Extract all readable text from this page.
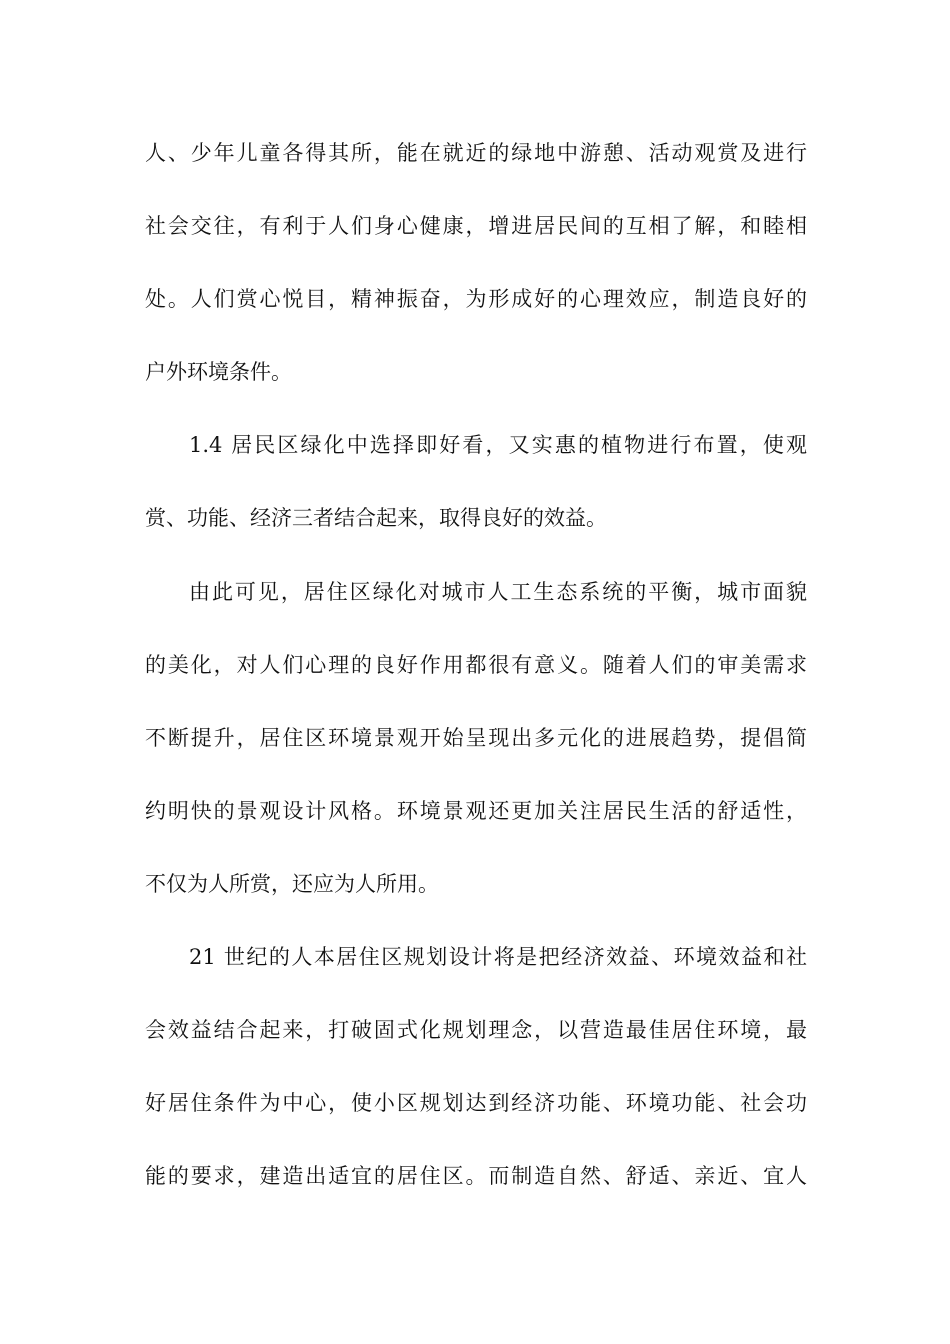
人、少年儿童各得其所，能在就近的绿地中游憩、活动观赏及进行
社会交往，有利于人们身心健康，增进居民间的互相了解，和睦相
处。人们赏心悦目，精神振奋，为形成好的心理效应，制造良好的
户外环境条件。
1.4 居民区绿化中选择即好看，又实惠的植物进行布置，使观
赏、功能、经济三者结合起来，取得良好的效益。
由此可见，居住区绿化对城市人工生态系统的平衡，城市面貌
的美化，对人们心理的良好作用都很有意义。随着人们的审美需求
不断提升，居住区环境景观开始呈现出多元化的进展趋势，提倡简
约明快的景观设计风格。环境景观还更加关注居民生活的舒适性，
不仅为人所赏，还应为人所用。
21 世纪的人本居住区规划设计将是把经济效益、环境效益和社
会效益结合起来，打破固式化规划理念，以营造最佳居住环境，最
好居住条件为中心，使小区规划达到经济功能、环境功能、社会功
能的要求，建造出适宜的居住区。而制造自然、舒适、亲近、宜人
